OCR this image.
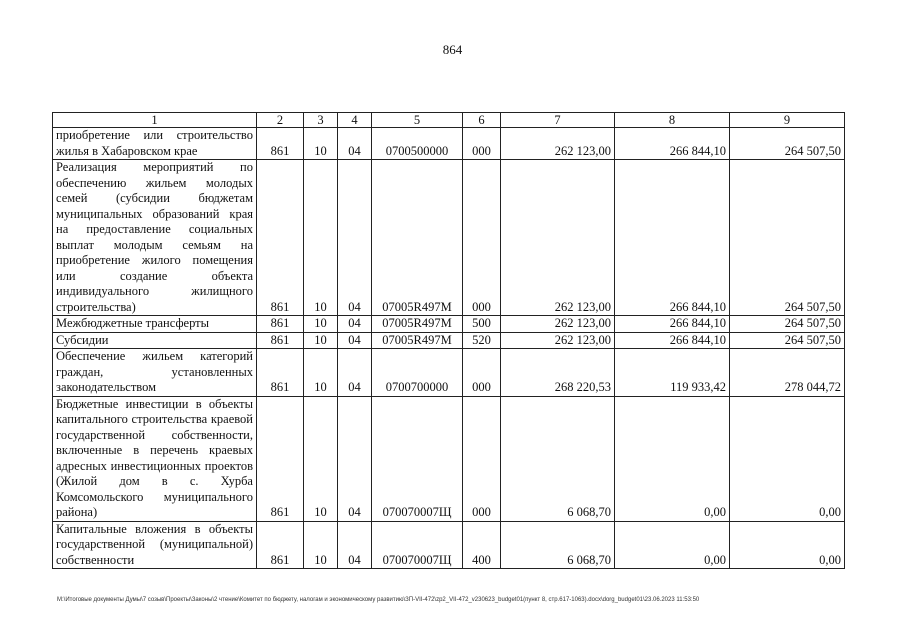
864
1	2	3	4	5	6	7	8	9
приобретение или строительство жилья в Хабаровском крае	861	10	04	0700500000	000	262 123,00	266 844,10	264 507,50
Реализация мероприятий по обеспечению жильем молодых семей (субсидии бюджетам муниципальных образований края на предоставление социальных выплат молодым семьям на приобретение жилого помещения или создание объекта индивидуального жилищного строительства)	861	10	04	07005R497M	000	262 123,00	266 844,10	264 507,50
Межбюджетные трансферты	861	10	04	07005R497M	500	262 123,00	266 844,10	264 507,50
Субсидии	861	10	04	07005R497M	520	262 123,00	266 844,10	264 507,50
Обеспечение жильем категорий граждан, установленных законодательством	861	10	04	0700700000	000	268 220,53	119 933,42	278 044,72
Бюджетные инвестиции в объекты капитального строительства краевой государственной собственности, включенные в перечень краевых адресных инвестиционных проектов (Жилой дом в с. Хурба Комсомольского муниципального района)	861	10	04	070070007Щ	000	6 068,70	0,00	0,00
Капитальные вложения в объекты государственной (муниципальной) собственности	861	10	04	070070007Щ	400	6 068,70	0,00	0,00
M:\Итоговые документы Думы\7 созыв\Проекты\Законы\2 чтение\Комитет по бюджету, налогам и экономическому развитию\ЗП-VII-472\zp2_VII-472_v230623_budget01(пункт 8, стр.617-1063).docx\dorg_budget01\23.06.2023 11:53:50
